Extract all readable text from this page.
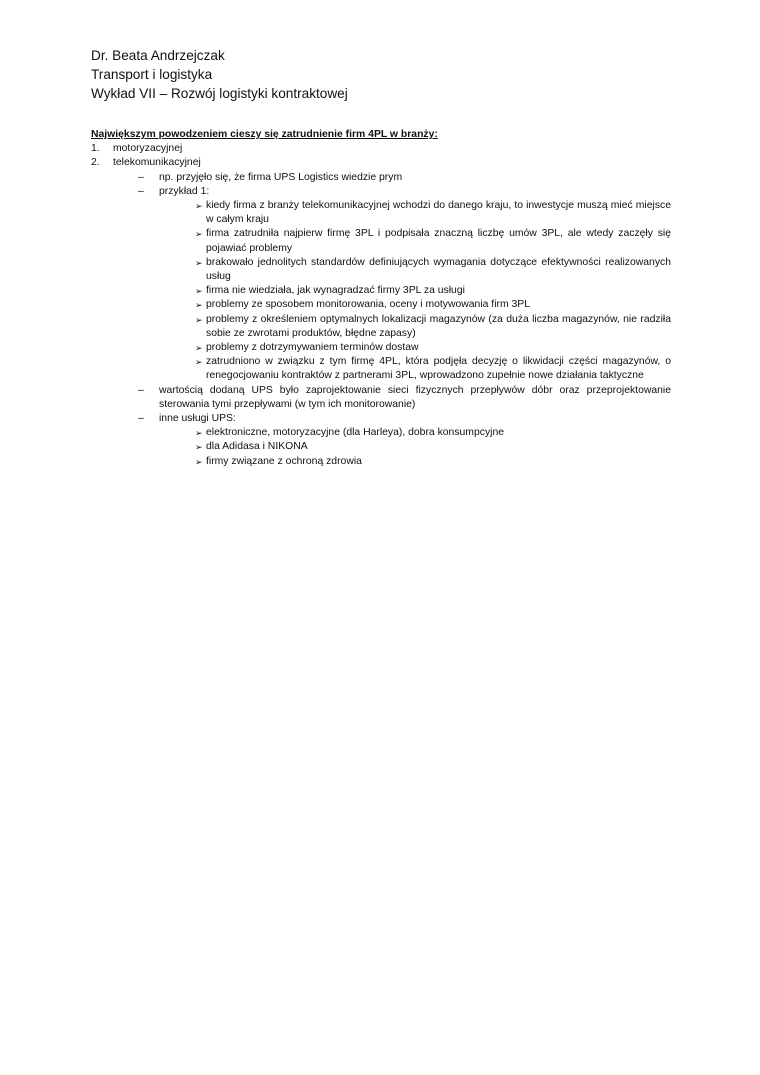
Dr. Beata Andrzejczak
Transport i logistyka
Wykład VII – Rozwój logistyki kontraktowej
Największym powodzeniem cieszy się zatrudnienie firm 4PL w branży:
1.	motoryzacyjnej
2.	telekomunikacyjnej
–	np. przyjęło się, że firma UPS Logistics wiedzie prym
–	przykład 1:
➢ kiedy firma z branży telekomunikacyjnej wchodzi do danego kraju, to inwestycje muszą mieć miejsce w całym kraju
➢ firma zatrudniła najpierw firmę 3PL i podpisała znaczną liczbę umów 3PL, ale wtedy zaczęły się pojawiać problemy
➢ brakowało jednolitych standardów definiujących wymagania dotyczące efektywności realizowanych usług
➢ firma nie wiedziała, jak wynagradzać firmy 3PL za usługi
➢ problemy ze sposobem monitorowania, oceny i motywowania firm 3PL
➢ problemy z określeniem optymalnych lokalizacji magazynów (za duża liczba magazynów, nie radziła sobie ze zwrotami produktów, błędne zapasy)
➢ problemy z dotrzymywaniem terminów dostaw
➢ zatrudniono w związku z tym firmę 4PL, która podjęła decyzję o likwidacji części magazynów, o renegocjowaniu kontraktów z partnerami 3PL, wprowadzono zupełnie nowe działania taktyczne
–	wartością dodaną UPS było zaprojektowanie sieci fizycznych przepływów dóbr oraz przeprojektowanie sterowania tymi przepływami (w tym ich monitorowanie)
–	inne usługi UPS:
➢ elektroniczne, motoryzacyjne (dla Harleya), dobra konsumpcyjne
➢ dla Adidasa i NIKONA
➢ firmy związane z ochroną zdrowia
